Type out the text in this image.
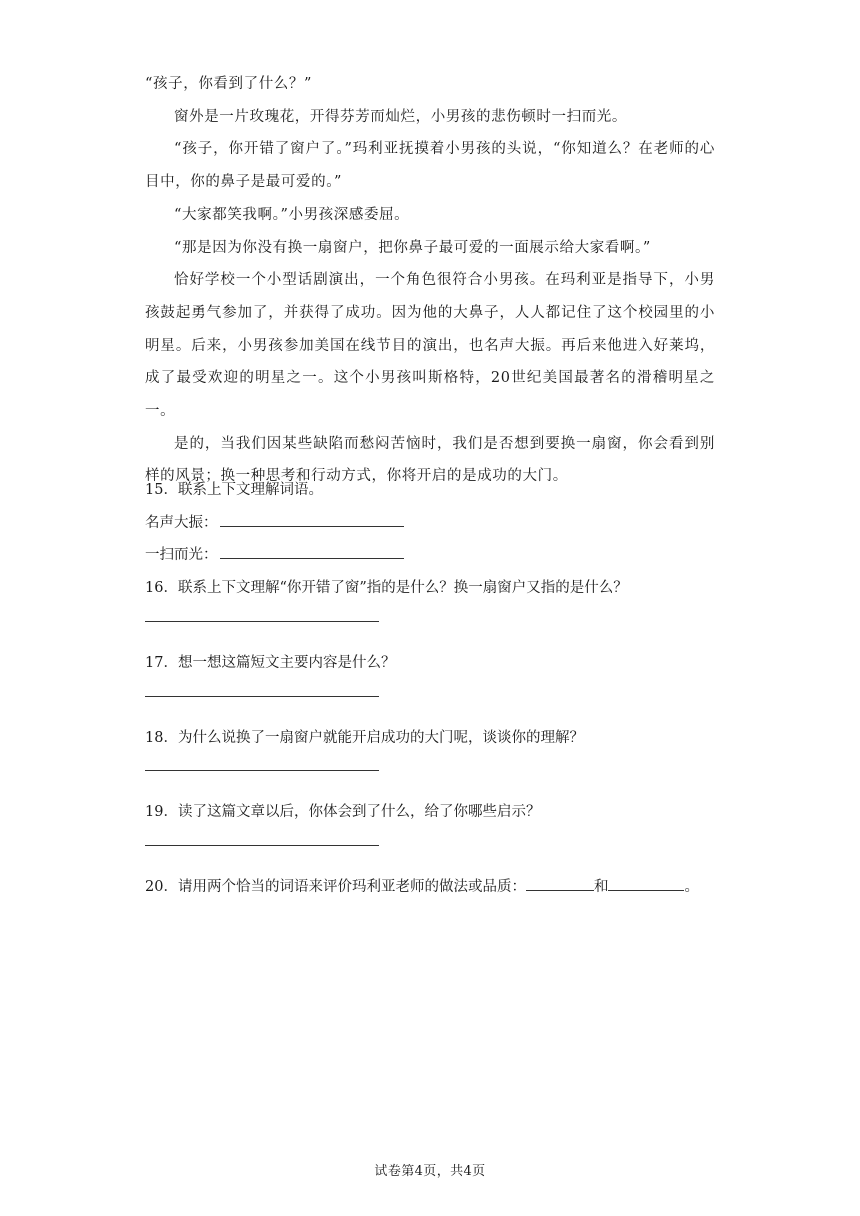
“孩子，你看到了什么？”

窗外是一片玫瑰花，开得芬芳而灿烂，小男孩的悲伤顿时一扫而光。

“孩子，你开错了窗户了。”玛利亚抚摸着小男孩的头说，“你知道么？在老师的心目中，你的鼻子是最可爱的。”

“大家都笑我啊。”小男孩深感委屈。

“那是因为你没有换一扇窗户，把你鼻子最可爱的一面展示给大家看啊。”

恰好学校一个小型话剧演出，一个角色很符合小男孩。在玛利亚是指导下，小男孩鼓起勇气参加了，并获得了成功。因为他的大鼻子，人人都记住了这个校园里的小明星。后来，小男孩参加美国在线节目的演出，也名声大振。再后来他进入好莱坞，成了最受欢迎的明星之一。这个小男孩叫斯格特，20世纪美国最著名的滑稽明星之一。

是的，当我们因某些缺陷而愁闷苦恼时，我们是否想到要换一扇窗，你会看到别样的风景；换一种思考和行动方式，你将开启的是成功的大门。

15．联系上下文理解词语。

名声大振：

一扫而光：

16．联系上下文理解“你开错了窗”指的是什么？换一扇窗户又指的是什么？

17．想一想这篇短文主要内容是什么？

18．为什么说换了一扇窗户就能开启成功的大门呢，谈谈你的理解？

19．读了这篇文章以后，你体会到了什么，给了你哪些启示？

20．请用两个恰当的词语来评价玛利亚老师的做法或品质：	和	。

试卷第4页，共4页
